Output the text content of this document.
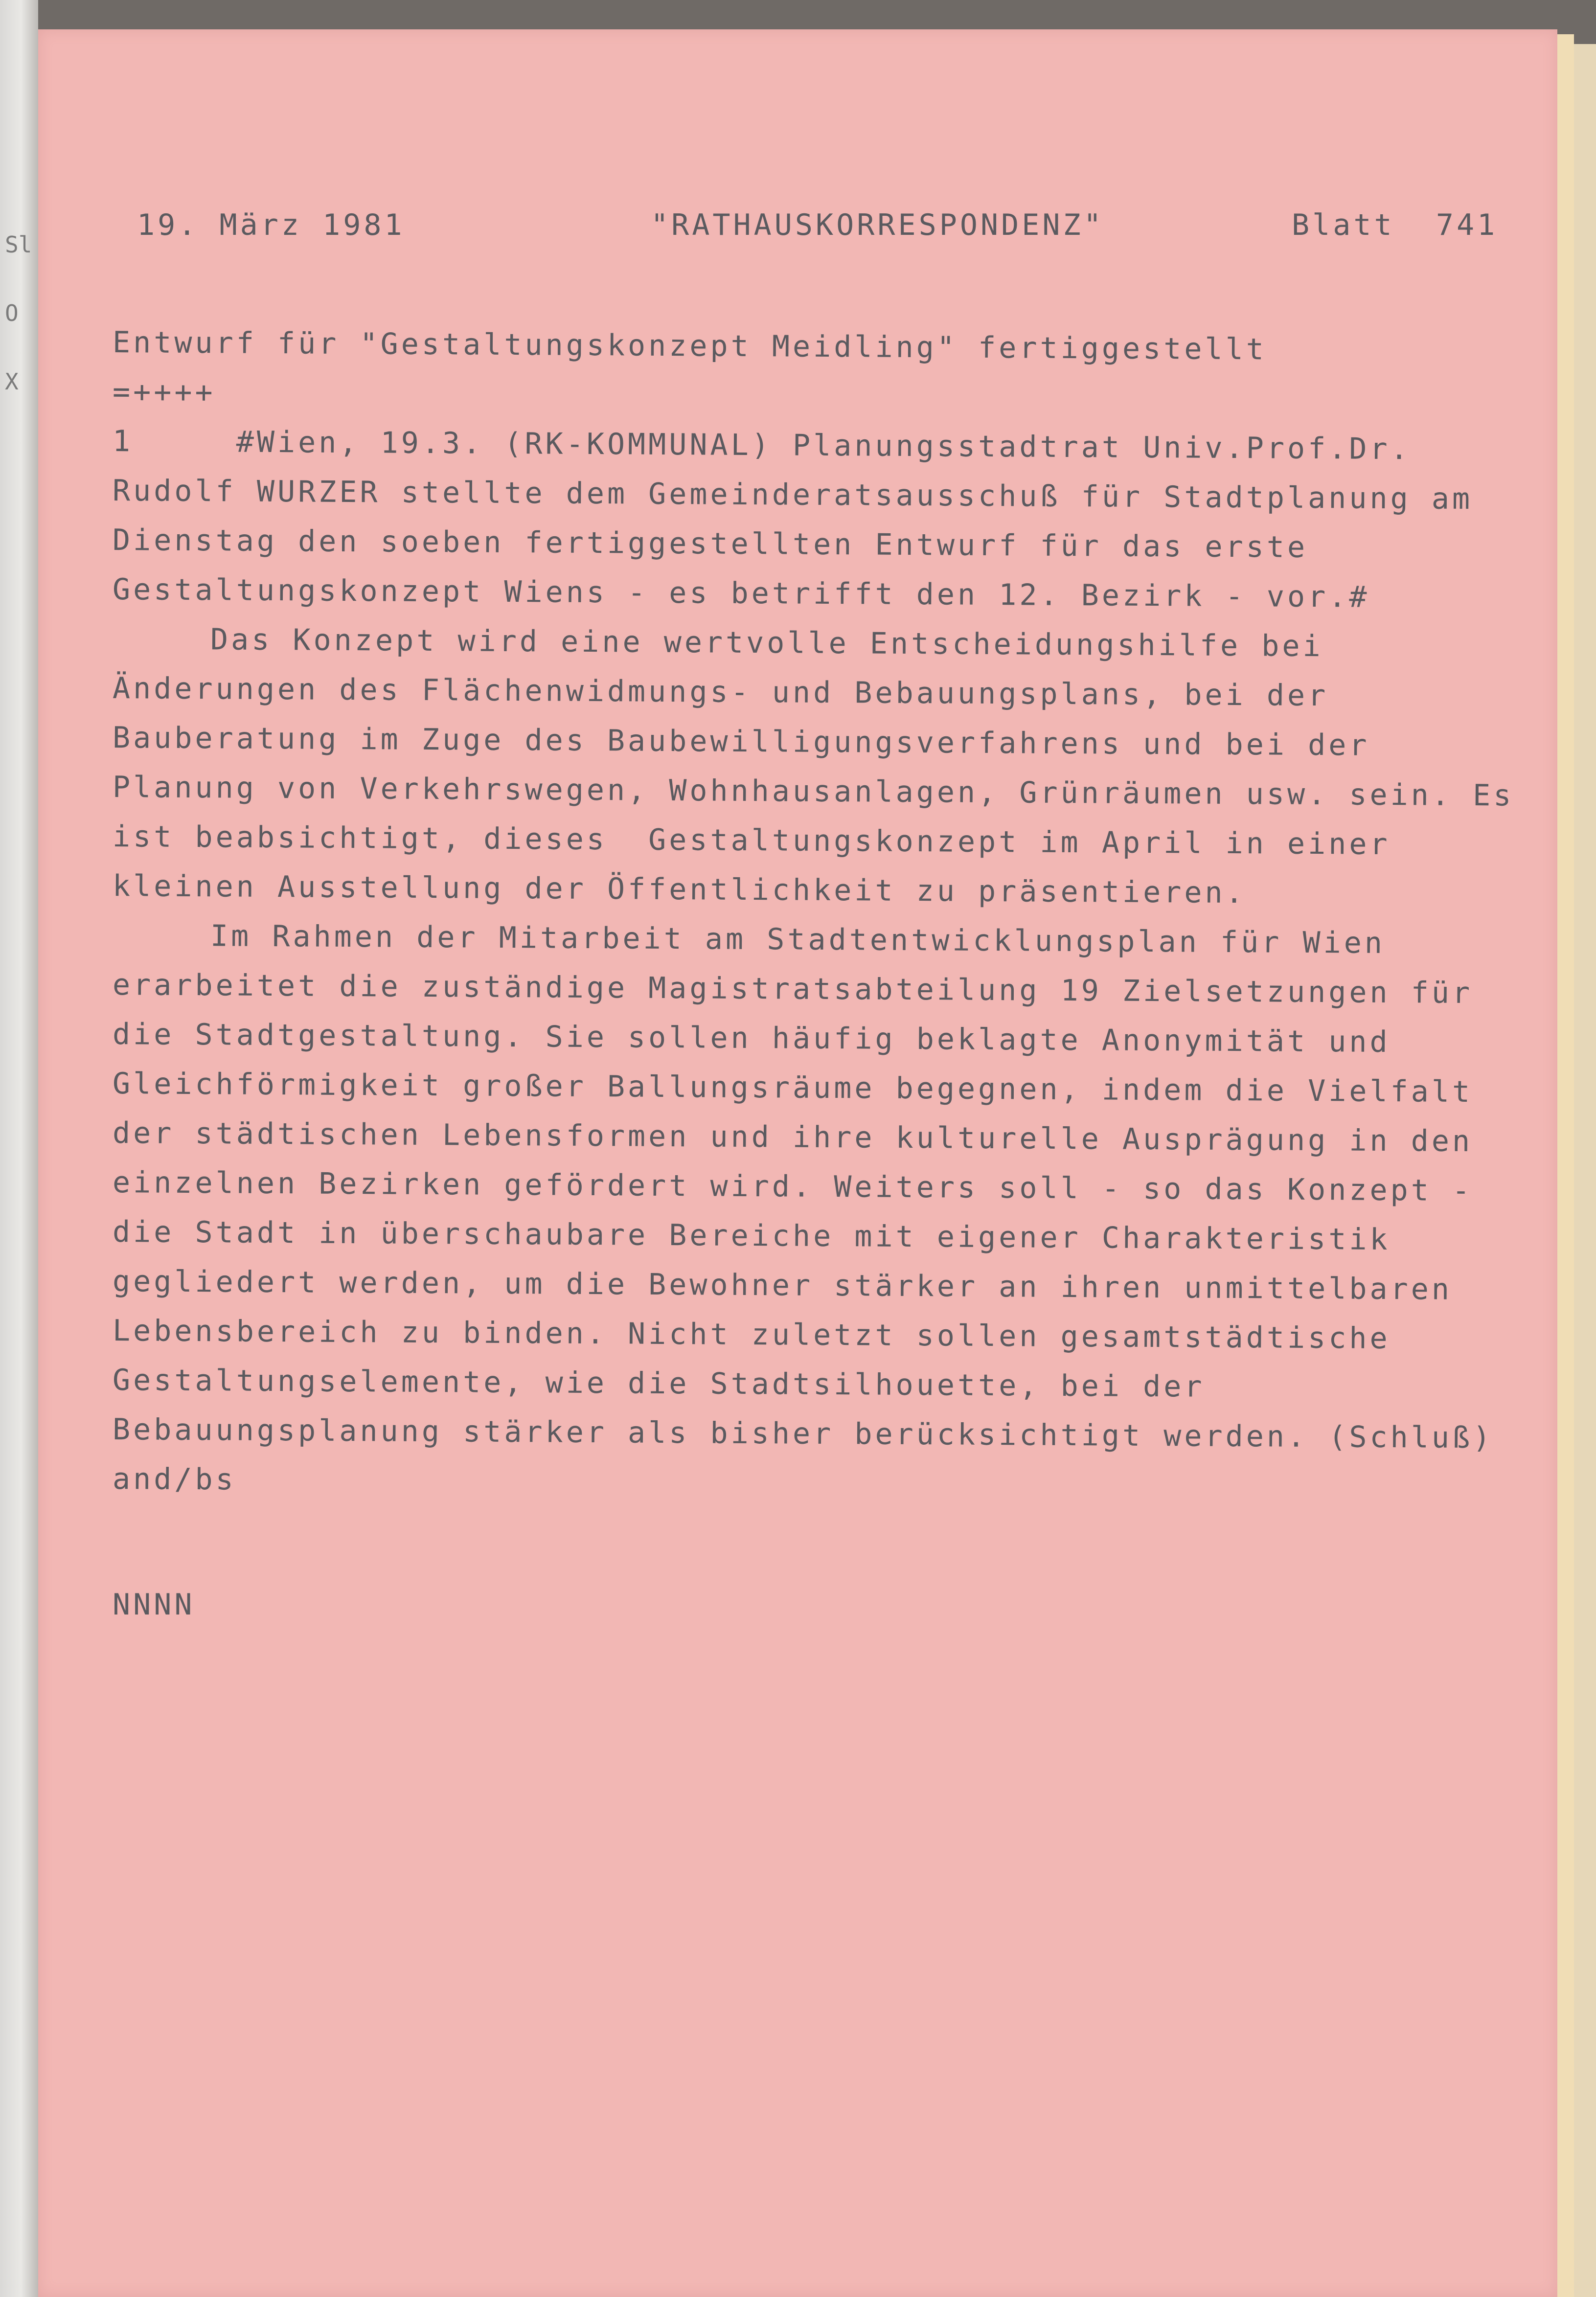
Sl
O
X
19. März 1981	"RATHAUSKORRESPONDENZ"	Blatt  741
Entwurf für "Gestaltungskonzept Meidling" fertiggestellt
=++++
1     #Wien, 19.3. (RK-KOMMUNAL) Planungsstadtrat Univ.Prof.Dr.
Rudolf WURZER stellte dem Gemeinderatsausschuß für Stadtplanung am
Dienstag den soeben fertiggestellten Entwurf für das erste
Gestaltungskonzept Wiens - es betrifft den 12. Bezirk - vor.#
Das Konzept wird eine wertvolle Entscheidungshilfe bei
Änderungen des Flächenwidmungs- und Bebauungsplans, bei der
Bauberatung im Zuge des Baubewilligungsverfahrens und bei der
Planung von Verkehrswegen, Wohnhausanlagen, Grünräumen usw. sein. Es
ist beabsichtigt, dieses  Gestaltungskonzept im April in einer
kleinen Ausstellung der Öffentlichkeit zu präsentieren.
Im Rahmen der Mitarbeit am Stadtentwicklungsplan für Wien
erarbeitet die zuständige Magistratsabteilung 19 Zielsetzungen für
die Stadtgestaltung. Sie sollen häufig beklagte Anonymität und
Gleichförmigkeit großer Ballungsräume begegnen, indem die Vielfalt
der städtischen Lebensformen und ihre kulturelle Ausprägung in den
einzelnen Bezirken gefördert wird. Weiters soll - so das Konzept -
die Stadt in überschaubare Bereiche mit eigener Charakteristik
gegliedert werden, um die Bewohner stärker an ihren unmittelbaren
Lebensbereich zu binden. Nicht zuletzt sollen gesamtstädtische
Gestaltungselemente, wie die Stadtsilhouette, bei der
Bebauungsplanung stärker als bisher berücksichtigt werden. (Schluß)
and/bs
NNNN
